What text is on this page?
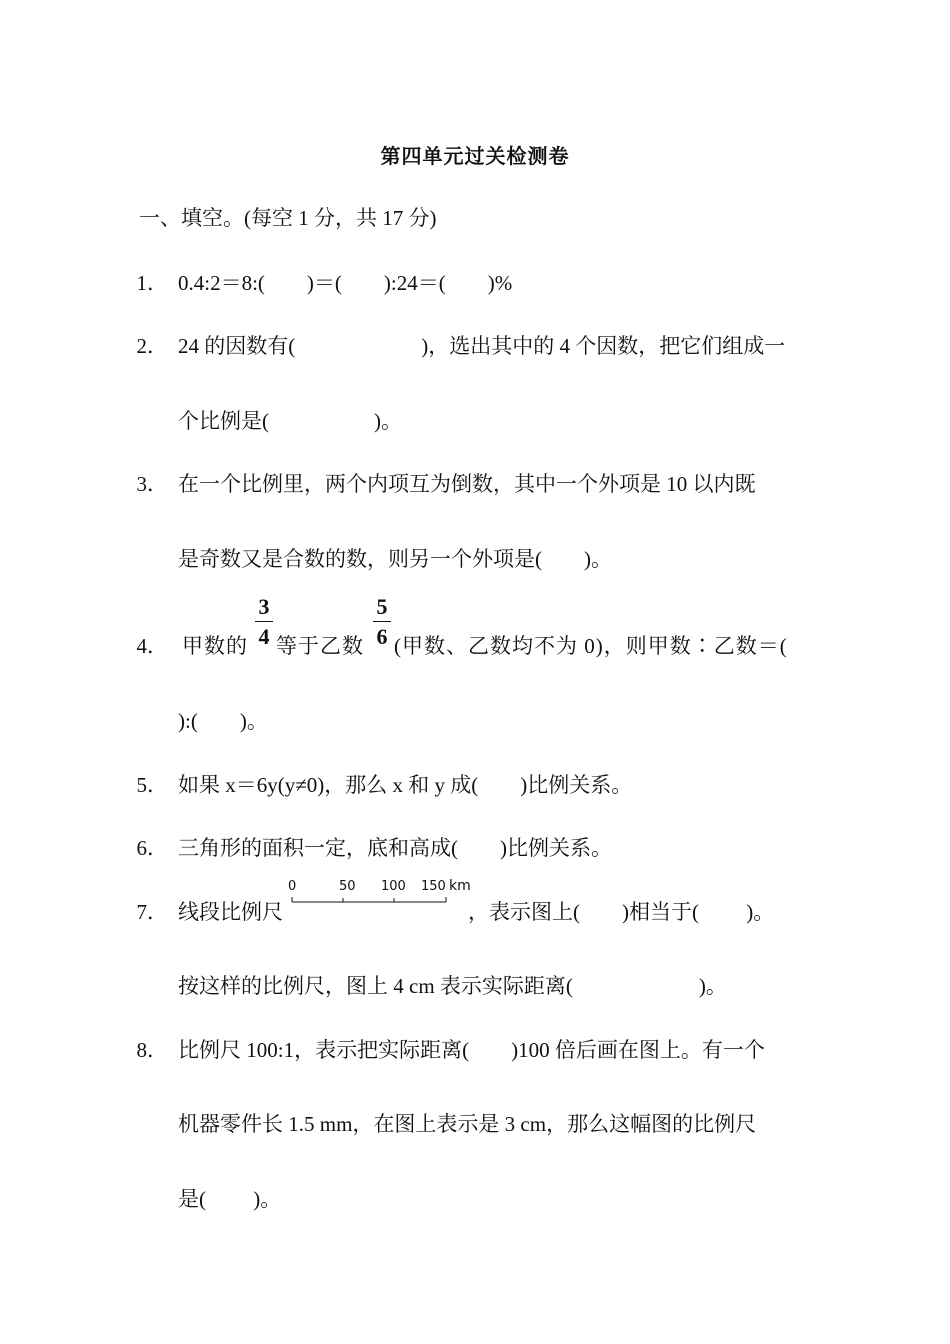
第四单元过关检测卷
一、填空。(每空 1 分，共 17 分)
1． 0.4:2＝8:(　　)＝(　　):24＝(　　)%
2． 24 的因数有(　　　　　　)，选出其中的 4 个因数，把它们组成一
个比例是(　　　　　)。
3． 在一个比例里，两个内项互为倒数，其中一个外项是 10 以内既
是奇数又是合数的数，则另一个外项是(　　)。
4． 甲数的
3
4 等于乙数
5
6 (甲数、乙数均不为 0)，则甲数∶乙数＝(
):(　　)。
5． 如果 x＝6y(y≠0)，那么 x 和 y 成(　　)比例关系。
6． 三角形的面积一定，底和高成(　　)比例关系。
7． 线段比例尺
0	50 100 150 km
，表示图上(　　)相当于(　　 )。
按这样的比例尺，图上 4 cm 表示实际距离(　　　　　　)。
8． 比例尺 100:1，表示把实际距离(　　)100 倍后画在图上。有一个
机器零件长 1.5 mm，在图上表示是 3 cm，那么这幅图的比例尺
是(　　 )。
